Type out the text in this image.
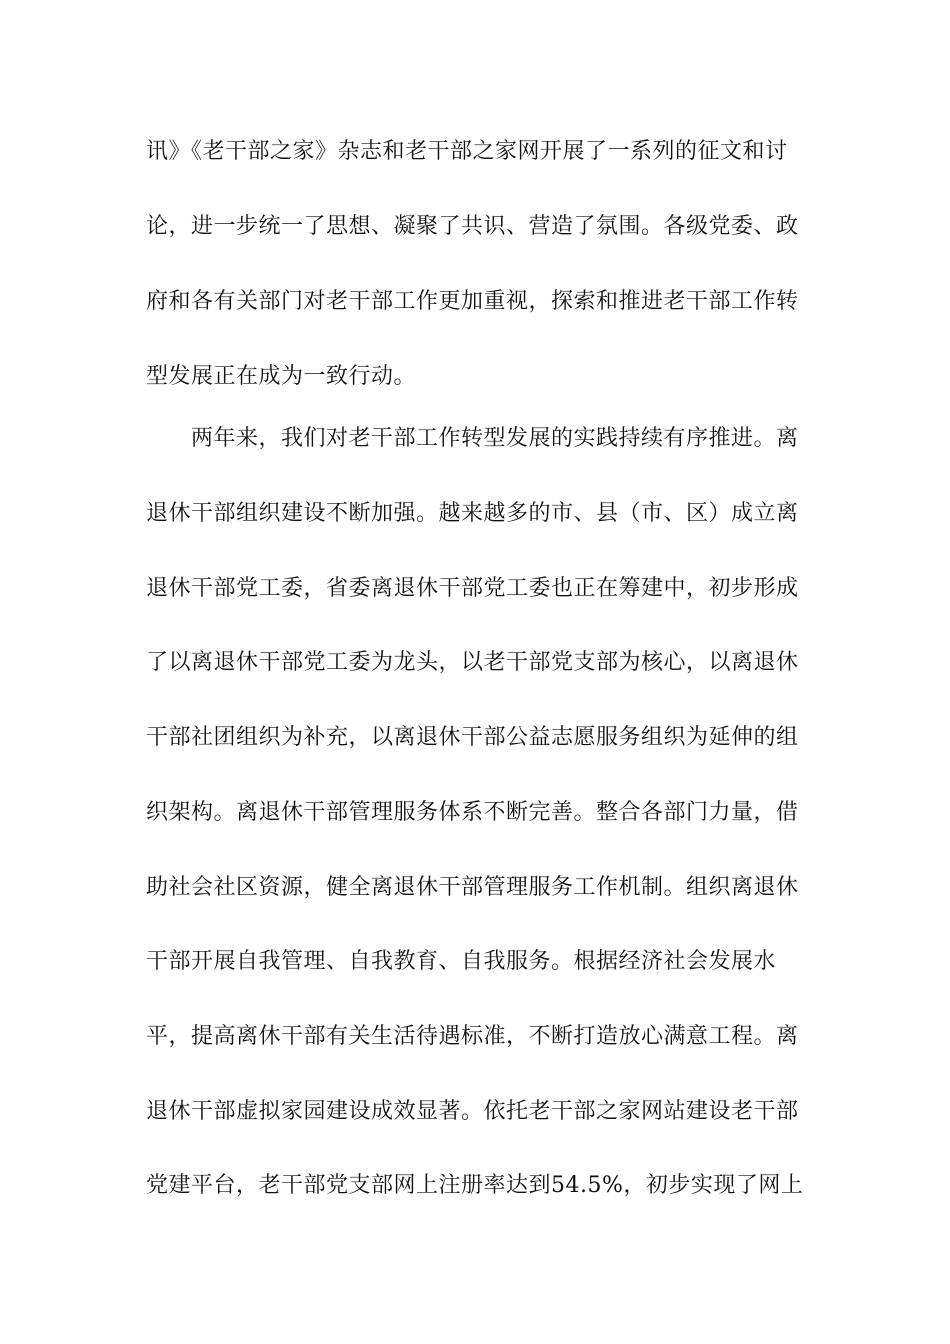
讯》《老干部之家》杂志和老干部之家网开展了一系列的征文和讨
论，进一步统一了思想、凝聚了共识、营造了氛围。各级党委、政
府和各有关部门对老干部工作更加重视，探索和推进老干部工作转
型发展正在成为一致行动。
两年来，我们对老干部工作转型发展的实践持续有序推进。离
退休干部组织建设不断加强。越来越多的市、县（市、区）成立离
退休干部党工委，省委离退休干部党工委也正在筹建中，初步形成
了以离退休干部党工委为龙头，以老干部党支部为核心，以离退休
干部社团组织为补充，以离退休干部公益志愿服务组织为延伸的组
织架构。离退休干部管理服务体系不断完善。整合各部门力量，借
助社会社区资源，健全离退休干部管理服务工作机制。组织离退休
干部开展自我管理、自我教育、自我服务。根据经济社会发展水
平，提高离休干部有关生活待遇标准，不断打造放心满意工程。离
退休干部虚拟家园建设成效显著。依托老干部之家网站建设老干部
党建平台，老干部党支部网上注册率达到54.5%，初步实现了网上
